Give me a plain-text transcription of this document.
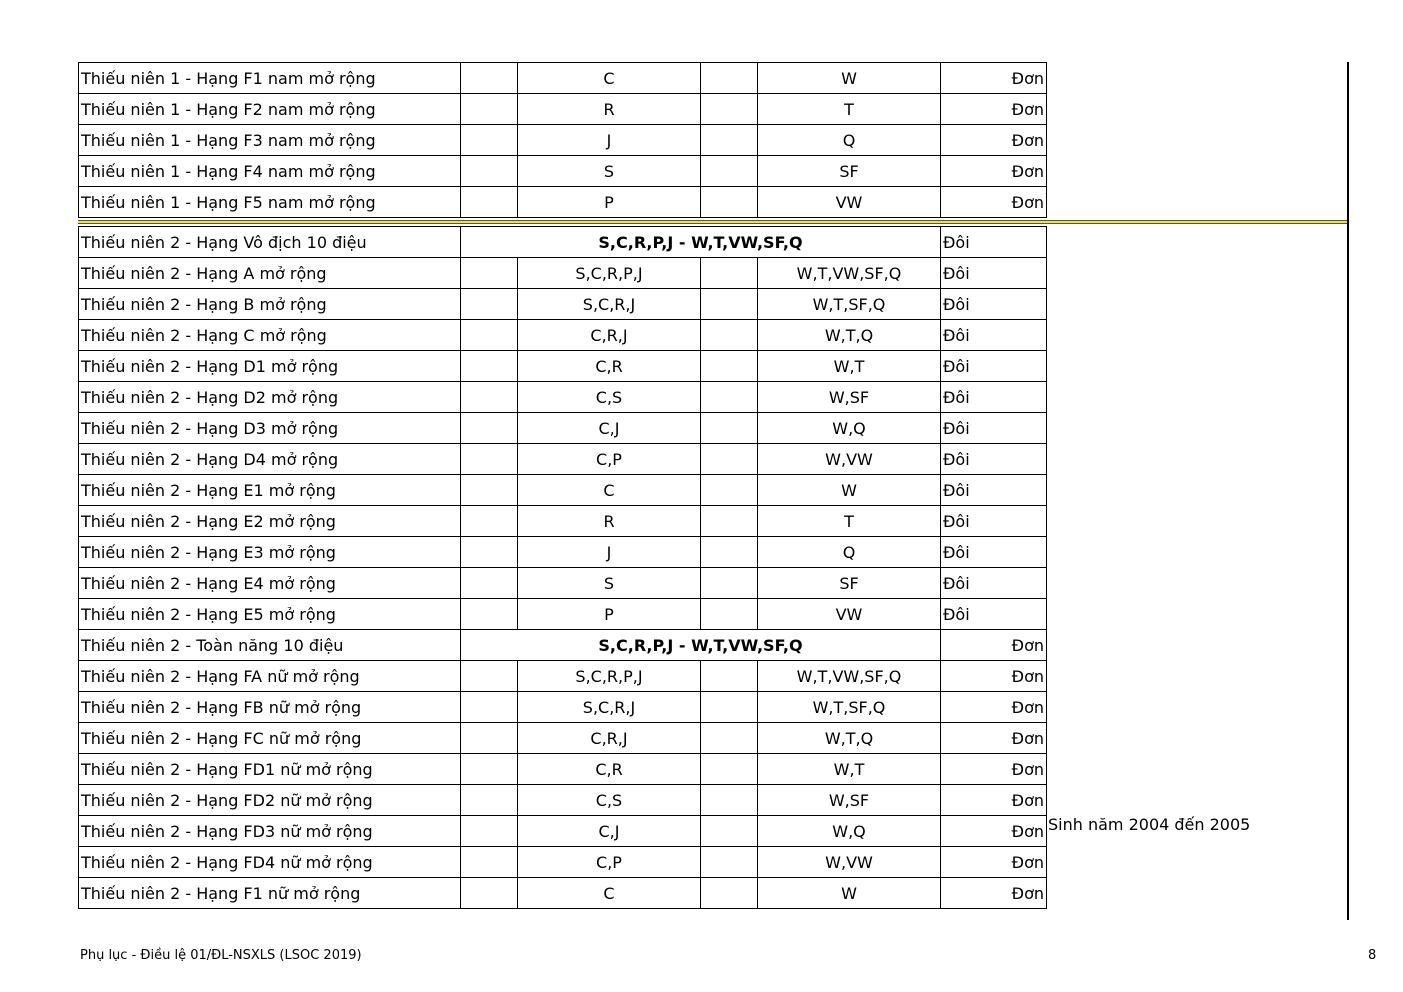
Thiếu niên 1 - Hạng F1 nam mở rộng		C		W	Đơn
Thiếu niên 1 - Hạng F2 nam mở rộng		R		T	Đơn
Thiếu niên 1 - Hạng F3 nam mở rộng		J		Q	Đơn
Thiếu niên 1 - Hạng F4 nam mở rộng		S		SF	Đơn
Thiếu niên 1 - Hạng F5 nam mở rộng		P		VW	Đơn
Thiếu niên 2 - Hạng Vô địch 10 điệu	S,C,R,P,J - W,T,VW,SF,Q				Đôi
Thiếu niên 2 - Hạng A mở rộng		S,C,R,P,J		W,T,VW,SF,Q	Đôi
Thiếu niên 2 - Hạng B mở rộng		S,C,R,J		W,T,SF,Q	Đôi
Thiếu niên 2 - Hạng C mở rộng		C,R,J		W,T,Q	Đôi
Thiếu niên 2 - Hạng D1 mở rộng		C,R		W,T	Đôi
Thiếu niên 2 - Hạng D2 mở rộng		C,S		W,SF	Đôi
Thiếu niên 2 - Hạng D3 mở rộng		C,J		W,Q	Đôi
Thiếu niên 2 - Hạng D4 mở rộng		C,P		W,VW	Đôi
Thiếu niên 2 - Hạng E1 mở rộng		C		W	Đôi
Thiếu niên 2 - Hạng E2 mở rộng		R		T	Đôi
Thiếu niên 2 - Hạng E3 mở rộng		J		Q	Đôi
Thiếu niên 2 - Hạng E4 mở rộng		S		SF	Đôi
Thiếu niên 2 - Hạng E5 mở rộng		P		VW	Đôi
Thiếu niên 2 - Toàn năng 10 điệu	S,C,R,P,J - W,T,VW,SF,Q				Đơn
Thiếu niên 2 - Hạng FA nữ mở rộng		S,C,R,P,J		W,T,VW,SF,Q	Đơn
Thiếu niên 2 - Hạng FB nữ mở rộng		S,C,R,J		W,T,SF,Q	Đơn
Thiếu niên 2 - Hạng FC nữ mở rộng		C,R,J		W,T,Q	Đơn
Thiếu niên 2 - Hạng FD1 nữ mở rộng		C,R		W,T	Đơn
Thiếu niên 2 - Hạng FD2 nữ mở rộng		C,S		W,SF	Đơn
Thiếu niên 2 - Hạng FD3 nữ mở rộng		C,J		W,Q	Đơn
Thiếu niên 2 - Hạng FD4 nữ mở rộng		C,P		W,VW	Đơn
Thiếu niên 2 - Hạng F1 nữ mở rộng		C		W	Đơn
Sinh năm 2004 đến 2005
Phụ lục - Điều lệ 01/ĐL-NSXLS (LSOC 2019)	8
